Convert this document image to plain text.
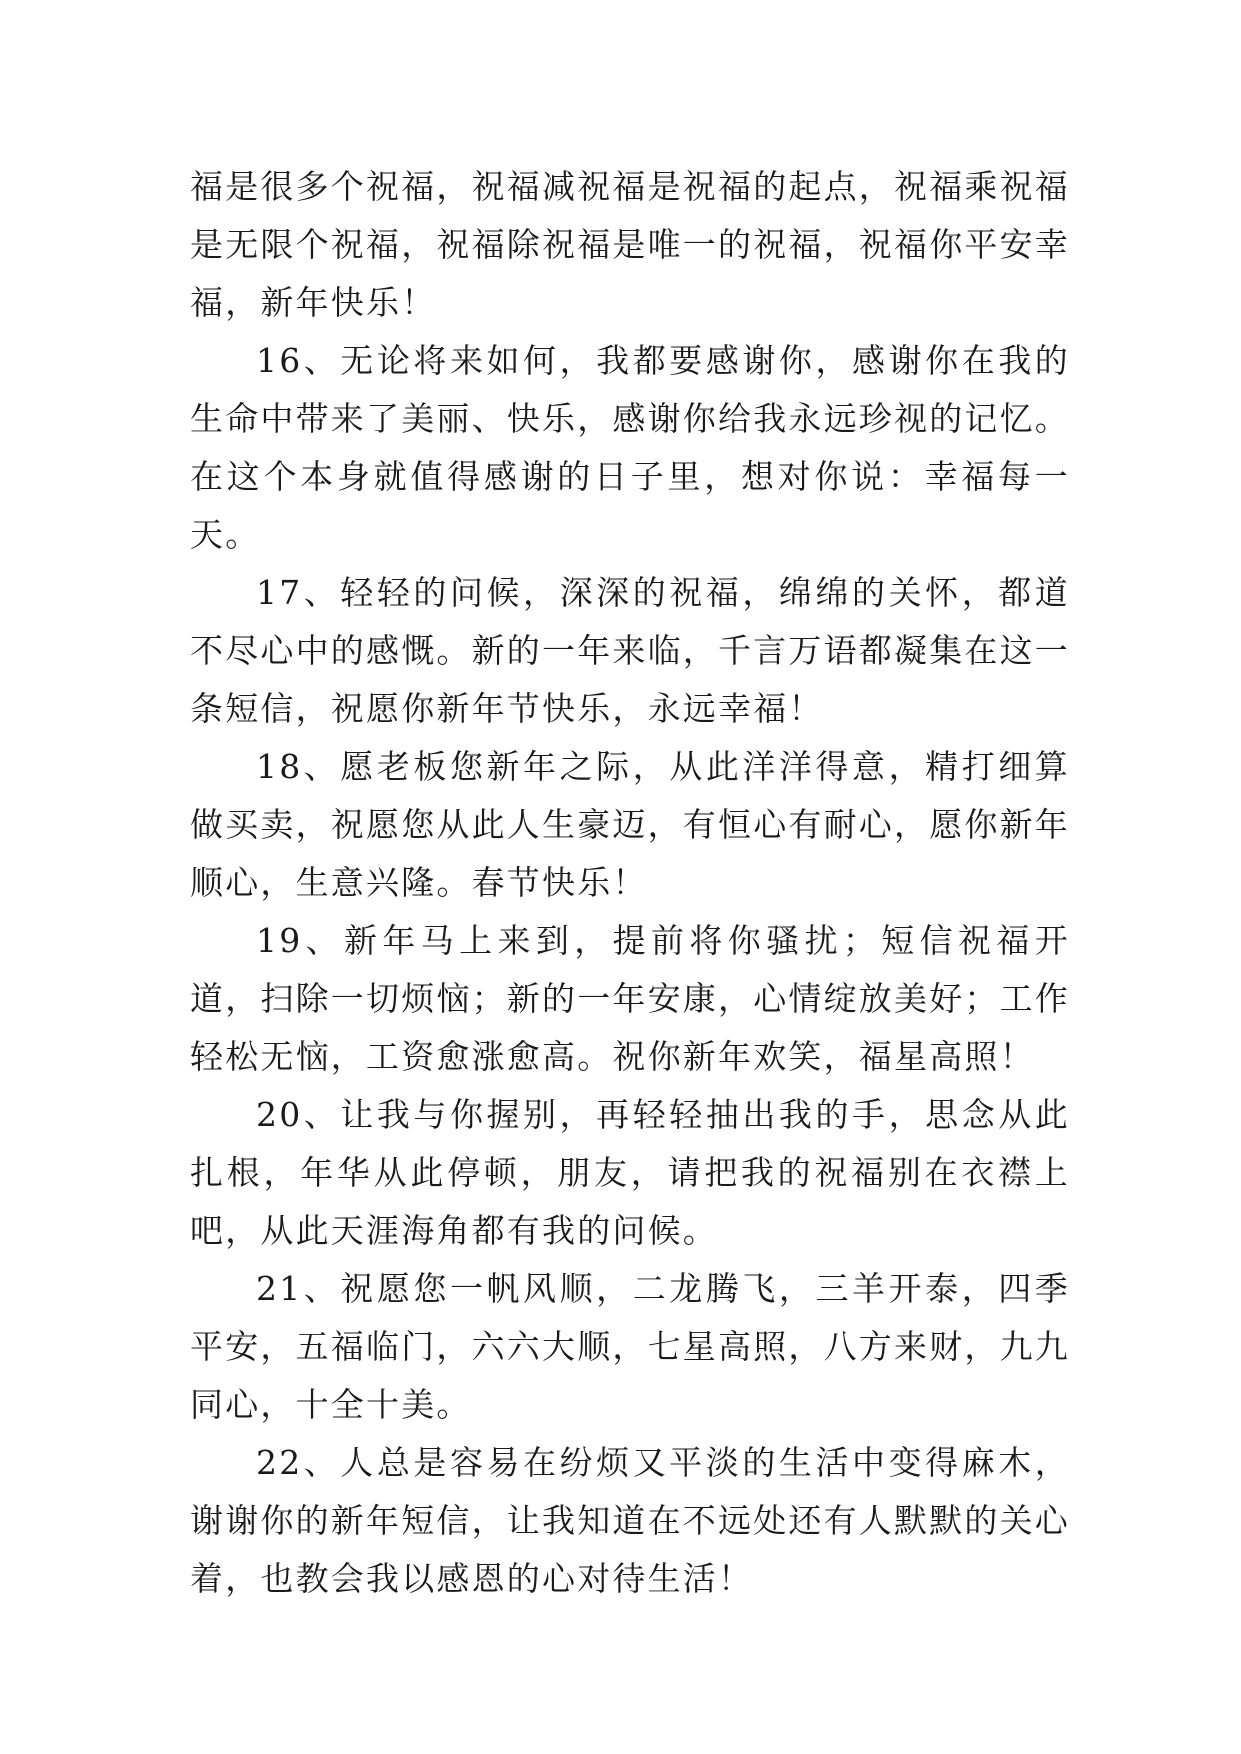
福是很多个祝福，祝福减祝福是祝福的起点，祝福乘祝福是无限个祝福，祝福除祝福是唯一的祝福，祝福你平安幸福，新年快乐！

16、无论将来如何，我都要感谢你，感谢你在我的生命中带来了美丽、快乐，感谢你给我永远珍视的记忆。在这个本身就值得感谢的日子里，想对你说：幸福每一天。

17、轻轻的问候，深深的祝福，绵绵的关怀，都道不尽心中的感慨。新的一年来临，千言万语都凝集在这一条短信，祝愿你新年节快乐，永远幸福！

18、愿老板您新年之际，从此洋洋得意，精打细算做买卖，祝愿您从此人生豪迈，有恒心有耐心，愿你新年顺心，生意兴隆。春节快乐！

19、新年马上来到，提前将你骚扰；短信祝福开道，扫除一切烦恼；新的一年安康，心情绽放美好；工作轻松无恼，工资愈涨愈高。祝你新年欢笑，福星高照！

20、让我与你握别，再轻轻抽出我的手，思念从此扎根，年华从此停顿，朋友，请把我的祝福别在衣襟上吧，从此天涯海角都有我的问候。

21、祝愿您一帆风顺，二龙腾飞，三羊开泰，四季平安，五福临门，六六大顺，七星高照，八方来财，九九同心，十全十美。

22、人总是容易在纷烦又平淡的生活中变得麻木，谢谢你的新年短信，让我知道在不远处还有人默默的关心着，也教会我以感恩的心对待生活！
